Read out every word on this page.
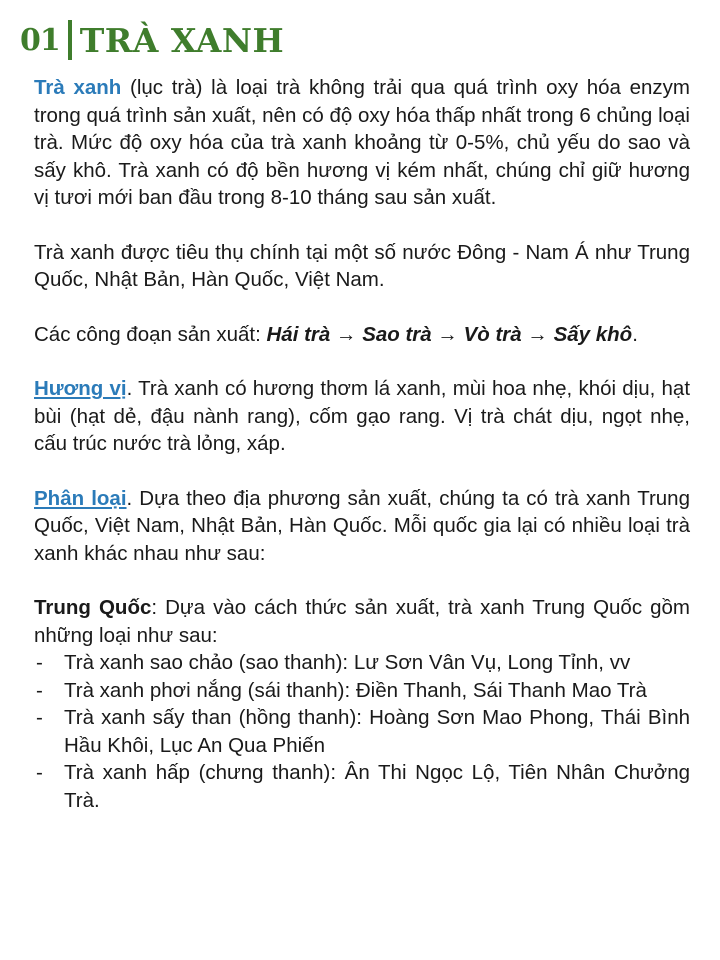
01 TRÀ XANH

Trà xanh (lục trà) là loại trà không trải qua quá trình oxy hóa enzym trong quá trình sản xuất, nên có độ oxy hóa thấp nhất trong 6 chủng loại trà. Mức độ oxy hóa của trà xanh khoảng từ 0-5%, chủ yếu do sao và sấy khô. Trà xanh có độ bền hương vị kém nhất, chúng chỉ giữ hương vị tươi mới ban đầu trong 8-10 tháng sau sản xuất.

Trà xanh được tiêu thụ chính tại một số nước Đông - Nam Á như Trung Quốc, Nhật Bản, Hàn Quốc, Việt Nam.

Các công đoạn sản xuất: Hái trà → Sao trà → Vò trà → Sấy khô.

Hương vị. Trà xanh có hương thơm lá xanh, mùi hoa nhẹ, khói dịu, hạt bùi (hạt dẻ, đậu nành rang), cốm gạo rang. Vị trà chát dịu, ngọt nhẹ, cấu trúc nước trà lỏng, xáp.

Phân loại. Dựa theo địa phương sản xuất, chúng ta có trà xanh Trung Quốc, Việt Nam, Nhật Bản, Hàn Quốc. Mỗi quốc gia lại có nhiều loại trà xanh khác nhau như sau:

Trung Quốc: Dựa vào cách thức sản xuất, trà xanh Trung Quốc gồm những loại như sau:

- Trà xanh sao chảo (sao thanh): Lư Sơn Vân Vụ, Long Tỉnh, vv
- Trà xanh phơi nắng (sái thanh): Điền Thanh, Sái Thanh Mao Trà
- Trà xanh sấy than (hồng thanh): Hoàng Sơn Mao Phong, Thái Bình Hầu Khôi, Lục An Qua Phiến
- Trà xanh hấp (chưng thanh): Ân Thi Ngọc Lộ, Tiên Nhân Chưởng Trà.
